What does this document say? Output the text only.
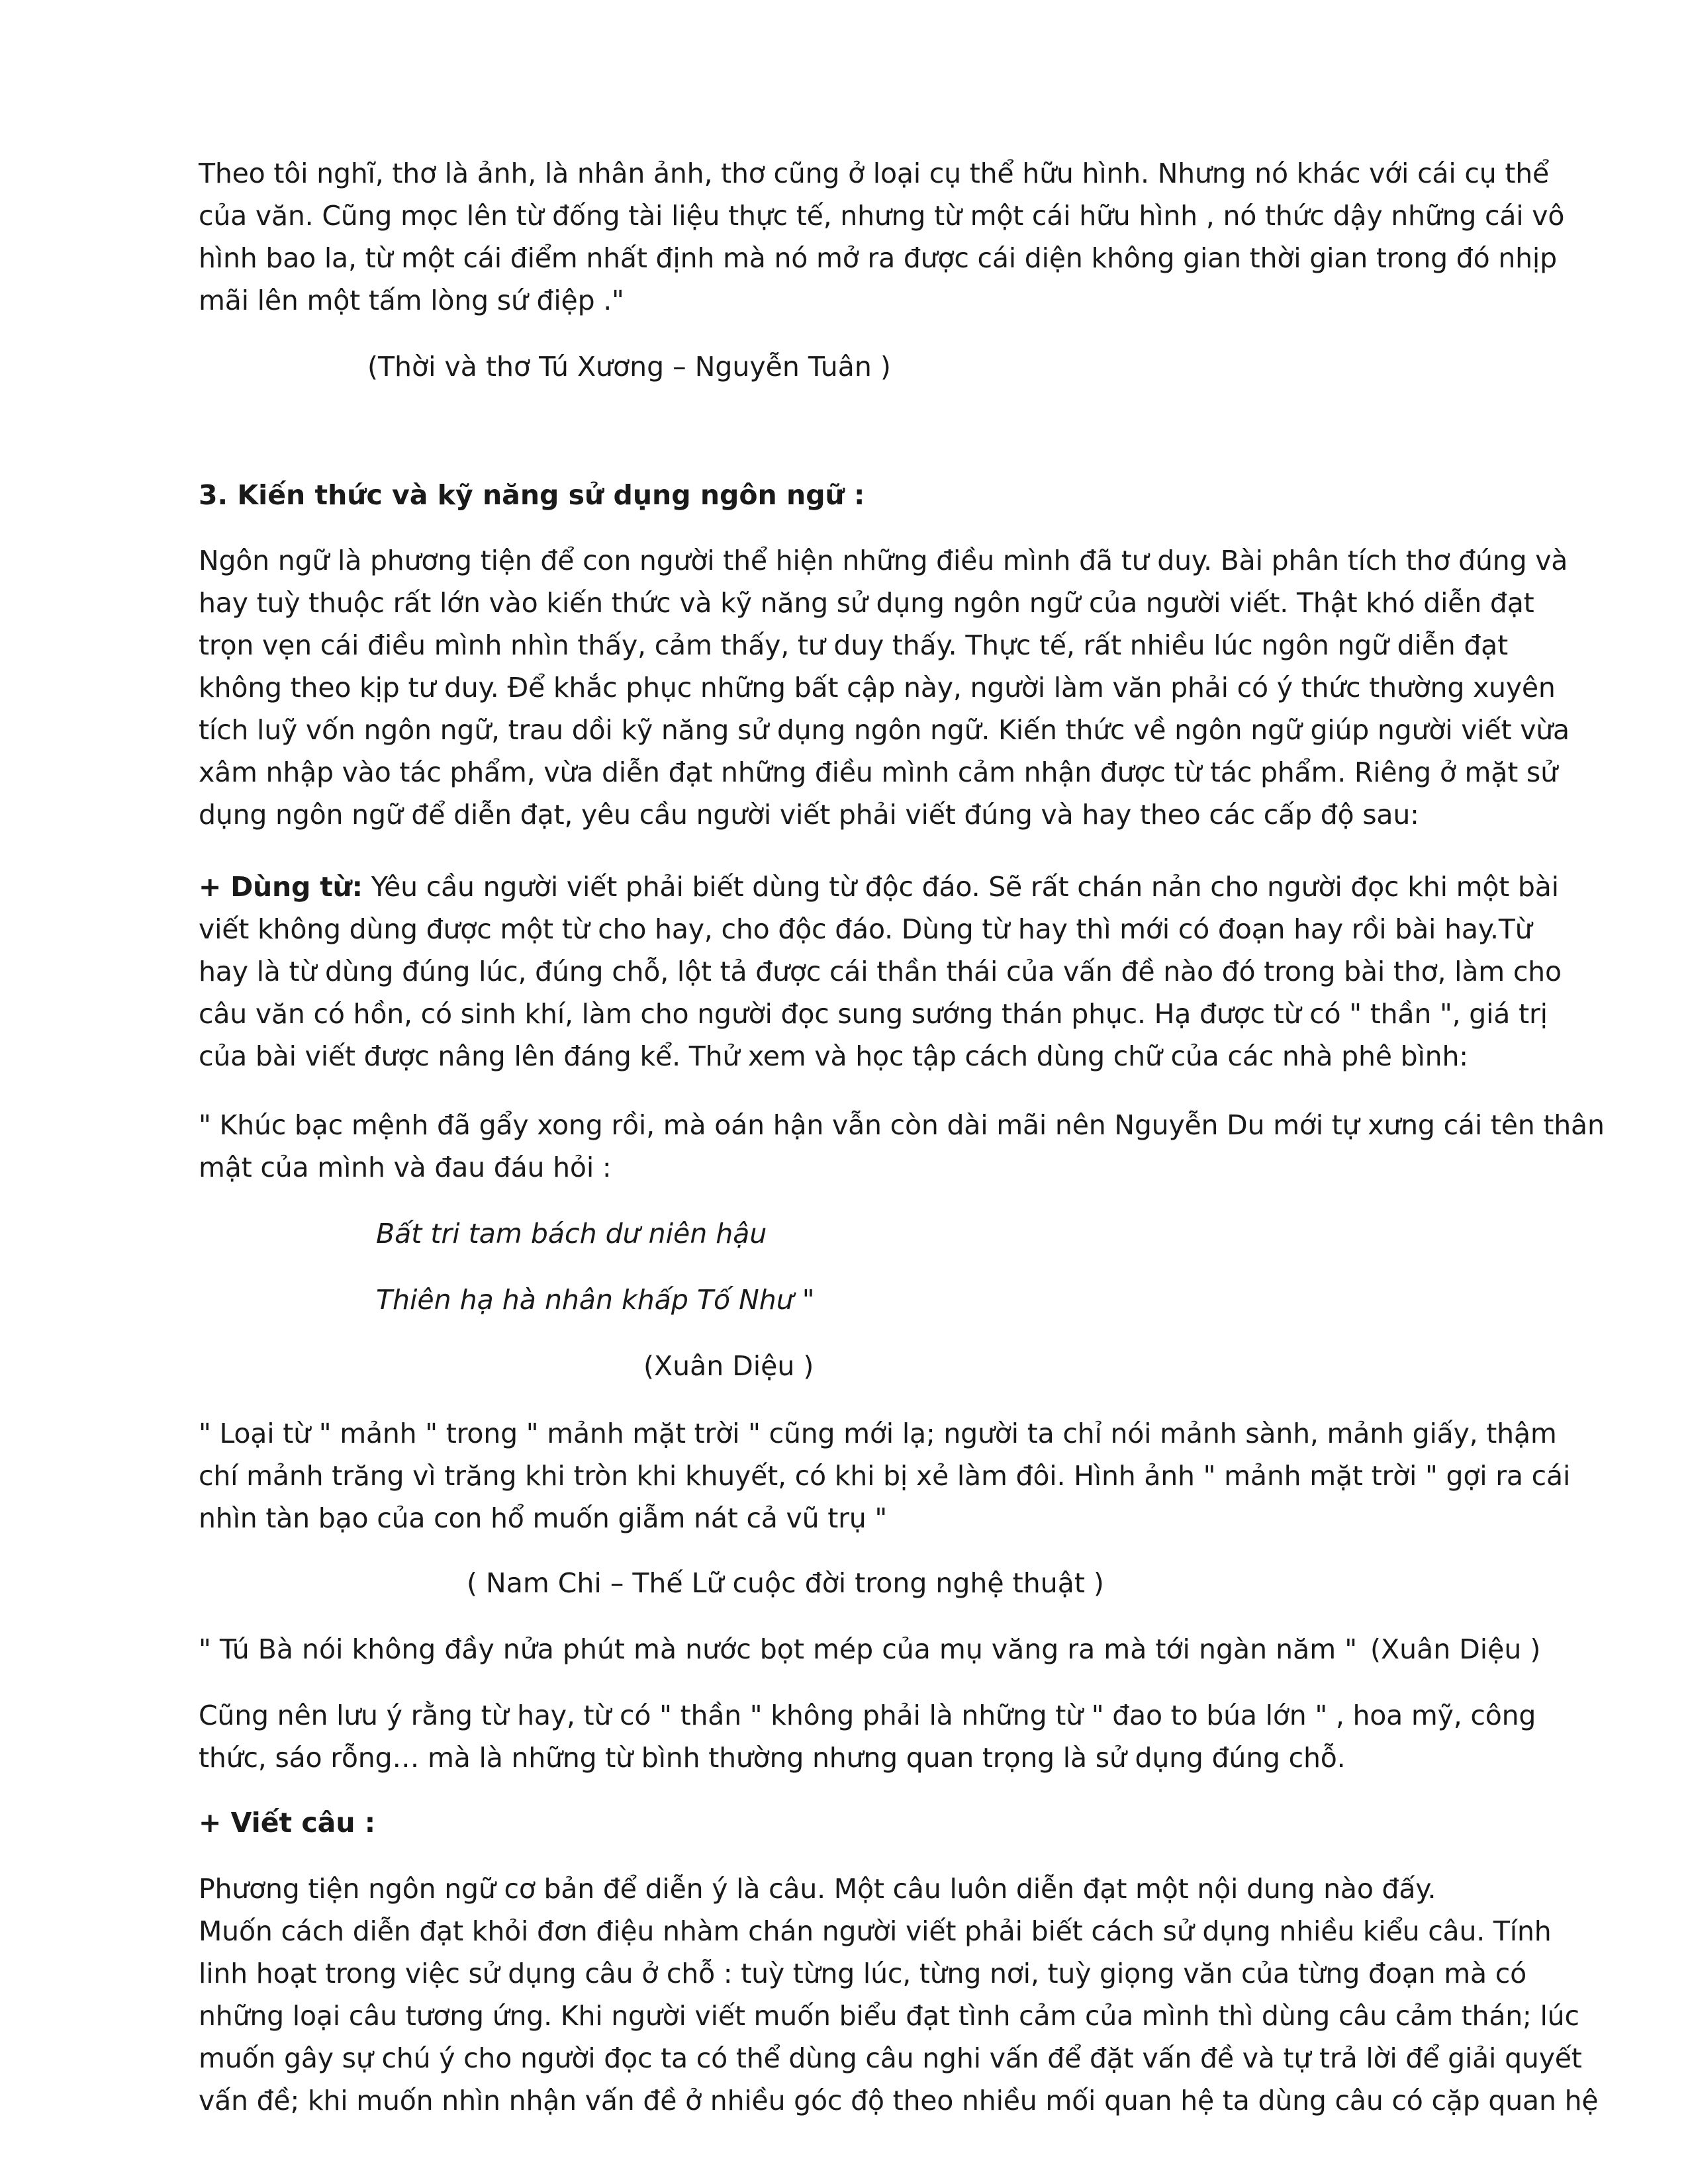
Theo tôi nghĩ, thơ là ảnh, là nhân ảnh, thơ cũng ở loại cụ thể hữu hình. Nhưng nó khác với cái cụ thể

của văn. Cũng mọc lên từ đống tài liệu thực tế, nhưng từ một cái hữu hình , nó thức dậy những cái vô

hình bao la, từ một cái điểm nhất định mà nó mở ra được cái diện không gian thời gian trong đó nhịp

mãi lên một tấm lòng sứ điệp ."

(Thời và thơ Tú Xương – Nguyễn Tuân )
3. Kiến thức và kỹ năng sử dụng ngôn ngữ :

Ngôn ngữ là phương tiện để con người thể hiện những điều mình đã tư duy. Bài phân tích thơ đúng và

hay tuỳ thuộc rất lớn vào kiến thức và kỹ năng sử dụng ngôn ngữ của người viết. Thật khó diễn đạt

trọn vẹn cái điều mình nhìn thấy, cảm thấy, tư duy thấy. Thực tế, rất nhiều lúc ngôn ngữ diễn đạt

không theo kịp tư duy. Để khắc phục những bất cập này, người làm văn phải có ý thức thường xuyên

tích luỹ vốn ngôn ngữ, trau dồi kỹ năng sử dụng ngôn ngữ. Kiến thức về ngôn ngữ giúp người viết vừa

xâm nhập vào tác phẩm, vừa diễn đạt những điều mình cảm nhận được từ tác phẩm. Riêng ở mặt sử

dụng ngôn ngữ để diễn đạt, yêu cầu người viết phải viết đúng và hay theo các cấp độ sau:

+ Dùng từ: Yêu cầu người viết phải biết dùng từ độc đáo. Sẽ rất chán nản cho người đọc khi một bài

viết không dùng được một từ cho hay, cho độc đáo. Dùng từ hay thì mới có đoạn hay rồi bài hay.Từ

hay là từ dùng đúng lúc, đúng chỗ, lột tả được cái thần thái của vấn đề nào đó trong bài thơ, làm cho

câu văn có hồn, có sinh khí, làm cho người đọc sung sướng thán phục. Hạ được từ có " thần ", giá trị

của bài viết được nâng lên đáng kể. Thử xem và học tập cách dùng chữ của các nhà phê bình:

" Khúc bạc mệnh đã gẩy xong rồi, mà oán hận vẫn còn dài mãi nên Nguyễn Du mới tự xưng cái tên thân

mật của mình và đau đáu hỏi :

Bất tri tam bách dư niên hậu
Thiên hạ hà nhân khấp Tố Như "
(Xuân Diệu )

" Loại từ " mảnh " trong " mảnh mặt trời " cũng mới lạ; người ta chỉ nói mảnh sành, mảnh giấy, thậm

chí mảnh trăng vì trăng khi tròn khi khuyết, có khi bị xẻ làm đôi. Hình ảnh " mảnh mặt trời " gợi ra cái

nhìn tàn bạo của con hổ muốn giẫm nát cả vũ trụ "

( Nam Chi – Thế Lữ cuộc đời trong nghệ thuật )
" Tú Bà nói không đầy nửa phút mà nước bọt mép của mụ văng ra mà tới ngàn năm " (Xuân Diệu )

Cũng nên lưu ý rằng từ hay, từ có " thần " không phải là những từ " đao to búa lớn " , hoa mỹ, công

thức, sáo rỗng… mà là những từ bình thường nhưng quan trọng là sử dụng đúng chỗ.

+ Viết câu :

Phương tiện ngôn ngữ cơ bản để diễn ý là câu. Một câu luôn diễn đạt một nội dung nào đấy.

Muốn cách diễn đạt khỏi đơn điệu nhàm chán người viết phải biết cách sử dụng nhiều kiểu câu. Tính

linh hoạt trong việc sử dụng câu ở chỗ : tuỳ từng lúc, từng nơi, tuỳ giọng văn của từng đoạn mà có

những loại câu tương ứng. Khi người viết muốn biểu đạt tình cảm của mình thì dùng câu cảm thán; lúc

muốn gây sự chú ý cho người đọc ta có thể dùng câu nghi vấn để đặt vấn đề và tự trả lời để giải quyết

vấn đề; khi muốn nhìn nhận vấn đề ở nhiều góc độ theo nhiều mối quan hệ ta dùng câu có cặp quan hệ
